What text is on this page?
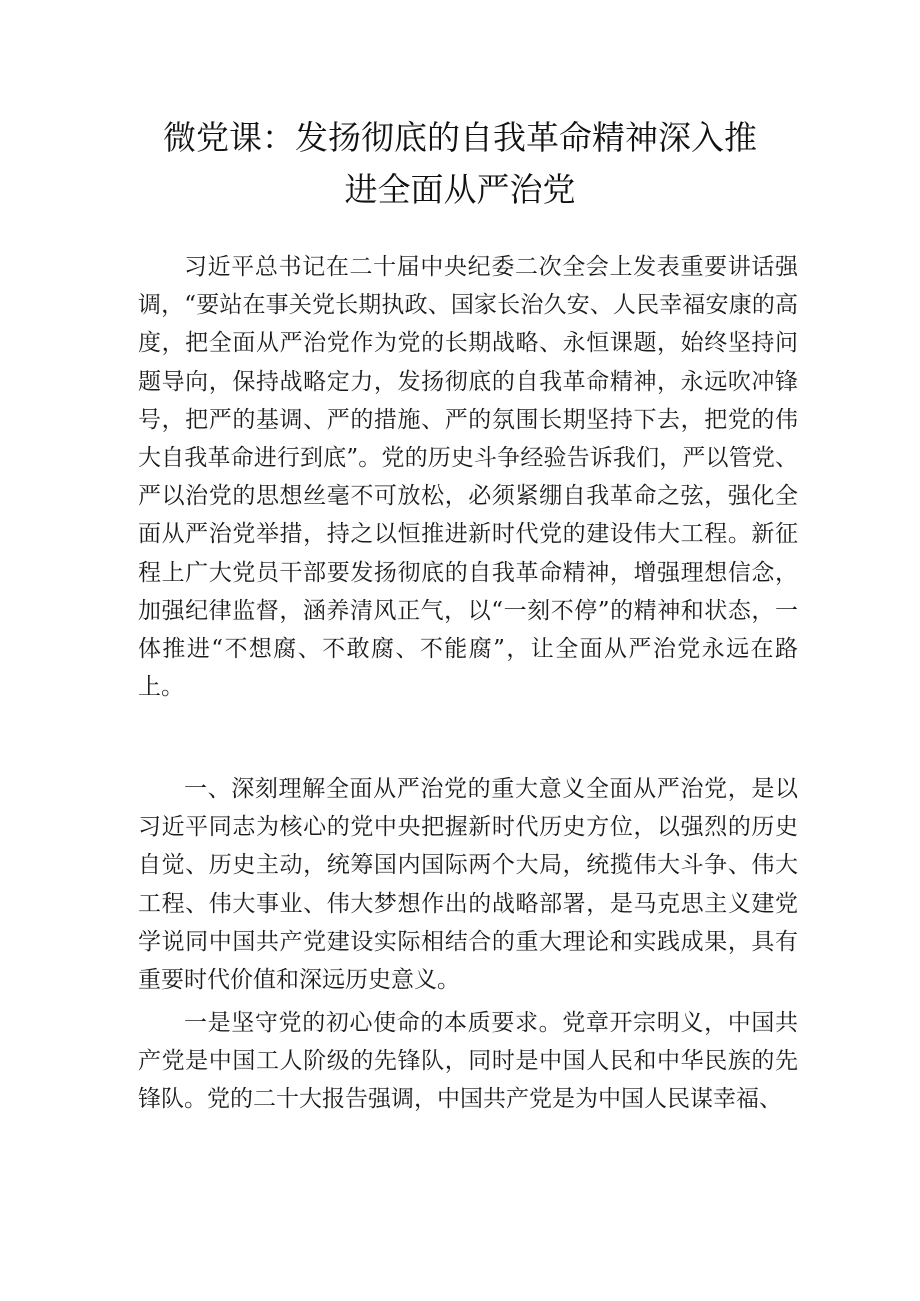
微党课：发扬彻底的自我革命精神深入推
进全面从严治党

习近平总书记在二十届中央纪委二次全会上发表重要讲话强调，“要站在事关党长期执政、国家长治久安、人民幸福安康的高度，把全面从严治党作为党的长期战略、永恒课题，始终坚持问题导向，保持战略定力，发扬彻底的自我革命精神，永远吹冲锋号，把严的基调、严的措施、严的氛围长期坚持下去，把党的伟大自我革命进行到底”。党的历史斗争经验告诉我们，严以管党、严以治党的思想丝毫不可放松，必须紧绷自我革命之弦，强化全面从严治党举措，持之以恒推进新时代党的建设伟大工程。新征程上广大党员干部要发扬彻底的自我革命精神，增强理想信念，加强纪律监督，涵养清风正气，以“一刻不停”的精神和状态，一体推进“不想腐、不敢腐、不能腐”，让全面从严治党永远在路上。

一、深刻理解全面从严治党的重大意义全面从严治党，是以习近平同志为核心的党中央把握新时代历史方位，以强烈的历史自觉、历史主动，统筹国内国际两个大局，统揽伟大斗争、伟大工程、伟大事业、伟大梦想作出的战略部署，是马克思主义建党学说同中国共产党建设实际相结合的重大理论和实践成果，具有重要时代价值和深远历史意义。

一是坚守党的初心使命的本质要求。党章开宗明义，中国共产党是中国工人阶级的先锋队，同时是中国人民和中华民族的先锋队。党的二十大报告强调，中国共产党是为中国人民谋幸福、
